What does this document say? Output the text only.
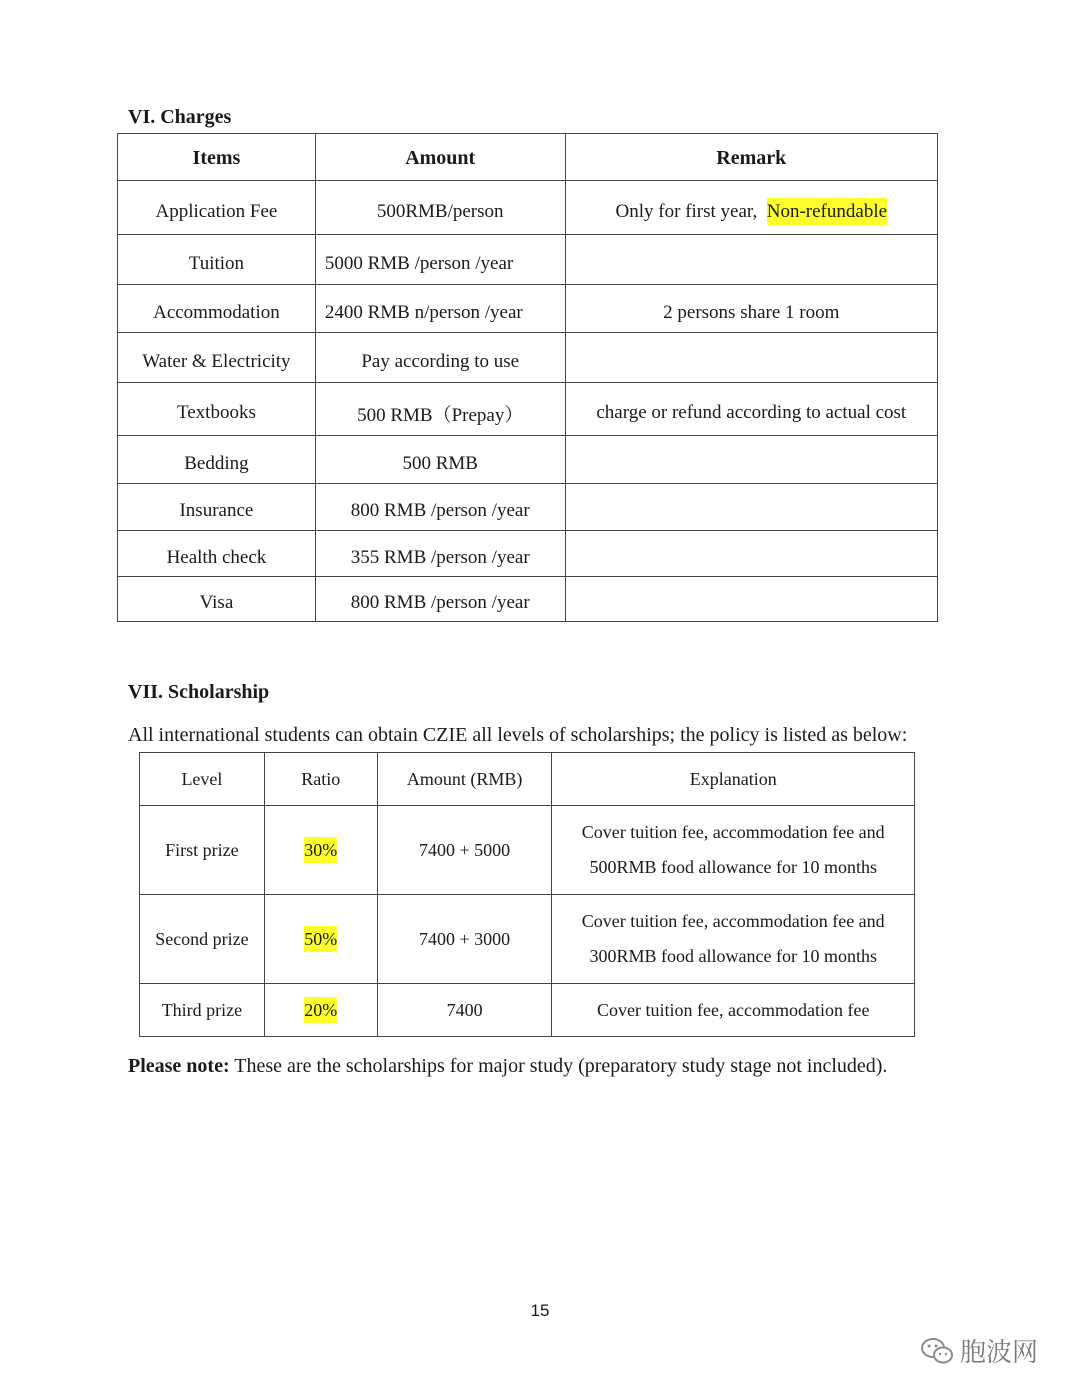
VI. Charges
Items	Amount	Remark
Application Fee	500RMB/person	Only for first year, Non-refundable
Tuition	5000 RMB /person /year	
Accommodation	2400 RMB n/person /year	2 persons share 1 room
Water & Electricity	Pay according to use	
Textbooks	500 RMB（Prepay）	charge or refund according to actual cost
Bedding	500 RMB	
Insurance	800 RMB /person /year	
Health check	355 RMB /person /year	
Visa	800 RMB /person /year	
VII. Scholarship

All international students can obtain CZIE all levels of scholarships; the policy is listed as below:

Level	Ratio	Amount (RMB)	Explanation
First prize	30%	7400 + 5000	Cover tuition fee, accommodation fee and
500RMB food allowance for 10 months

Second prize	50%	7400 + 3000	Cover tuition fee, accommodation fee and
300RMB food allowance for 10 months

Third prize	20%	7400	Cover tuition fee, accommodation fee

Please note: These are the scholarships for major study (preparatory study stage not included).

15
胞波网
